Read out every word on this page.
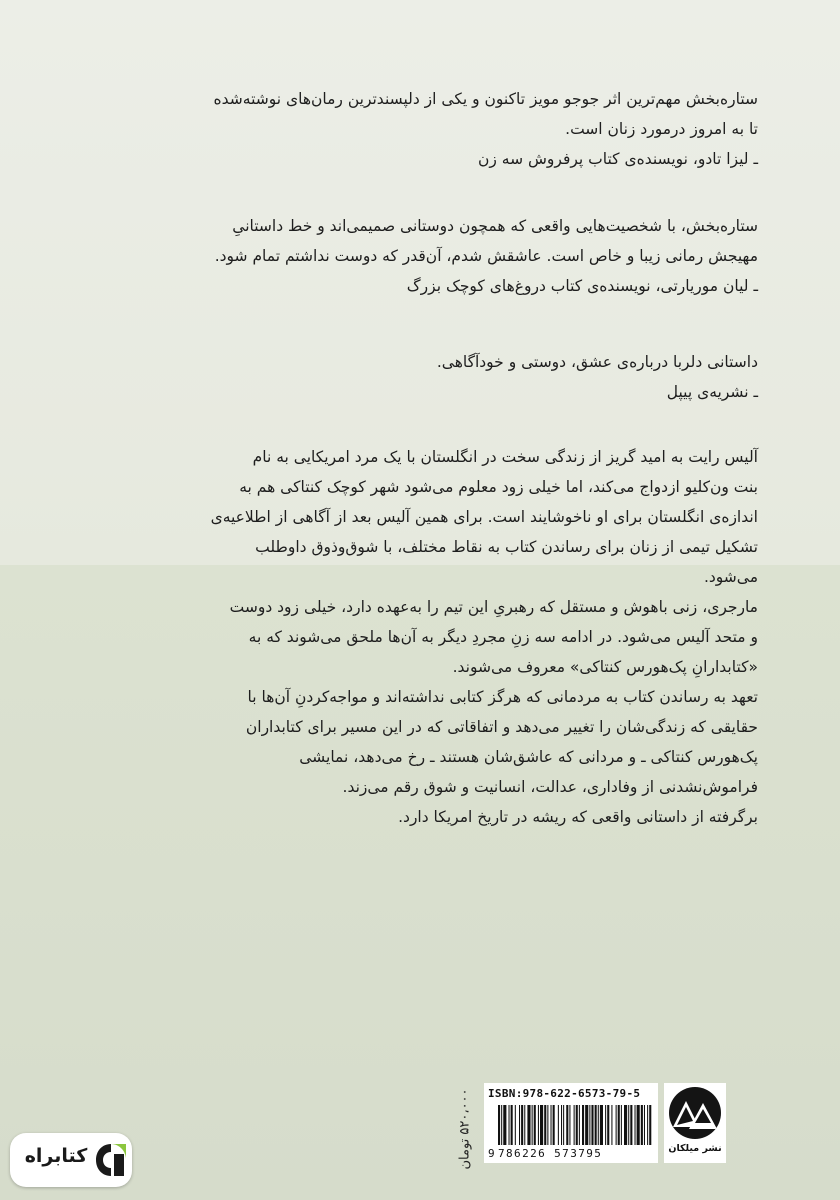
ستاره‌بخش مهم‌ترین اثر جوجو مویز تاکنون و یکی از دلپسندترین رمان‌های نوشته‌شده
تا به امروز درمورد زنان است.
ـ لیزا تادو، نویسنده‌ی کتاب پرفروش سه زن
ستاره‌بخش، با شخصیت‌هایی واقعی که همچون دوستانی صمیمی‌اند و خط داستانیِ
مهیجش رمانی زیبا و خاص است. عاشقش شدم، آن‌قدر که دوست نداشتم تمام شود.
ـ لیان موریارتی، نویسنده‌ی کتاب دروغ‌های کوچک بزرگ
داستانی دلربا درباره‌ی عشق، دوستی و خودآگاهی.
ـ نشریه‌ی پیپل
آلیس رایت به امید گریز از زندگی سخت در انگلستان با یک مرد امریکایی به نام
بنت ون‌کلیو ازدواج می‌کند، اما خیلی زود معلوم می‌شود شهر کوچک کنتاکی هم به
اندازه‌ی انگلستان برای او ناخوشایند است. برای همین آلیس بعد از آگاهی از اطلاعیه‌ی
تشکیل تیمی از زنان برای رساندن کتاب به نقاط مختلف، با شوق‌وذوق داوطلب
می‌شود.
مارجری، زنی باهوش و مستقل که رهبریِ این تیم را به‌عهده دارد، خیلی زود دوست
و متحد آلیس می‌شود. در ادامه سه زنِ مجردِ دیگر به آن‌ها ملحق می‌شوند که به
«کتابدارانِ پک‌هورس کنتاکی» معروف می‌شوند.
تعهد به رساندن کتاب به مردمانی که هرگز کتابی نداشته‌اند و مواجه‌کردنِ آن‌ها با
حقایقی که زندگی‌شان را تغییر می‌دهد و اتفاقاتی که در این مسیر برای کتابداران
پک‌هورس کنتاکی ـ و مردانی که عاشق‌شان هستند ـ رخ می‌دهد، نمایشی
فراموش‌نشدنی از وفاداری، عدالت، انسانیت و شوق رقم می‌زند.
برگرفته از داستانی واقعی که ریشه در تاریخ امریکا دارد.
۵۲۰،۰۰۰ تومان ISBN:978-622-6573-79-5
9 786226 573795	نشر میلکان
کتابراه
